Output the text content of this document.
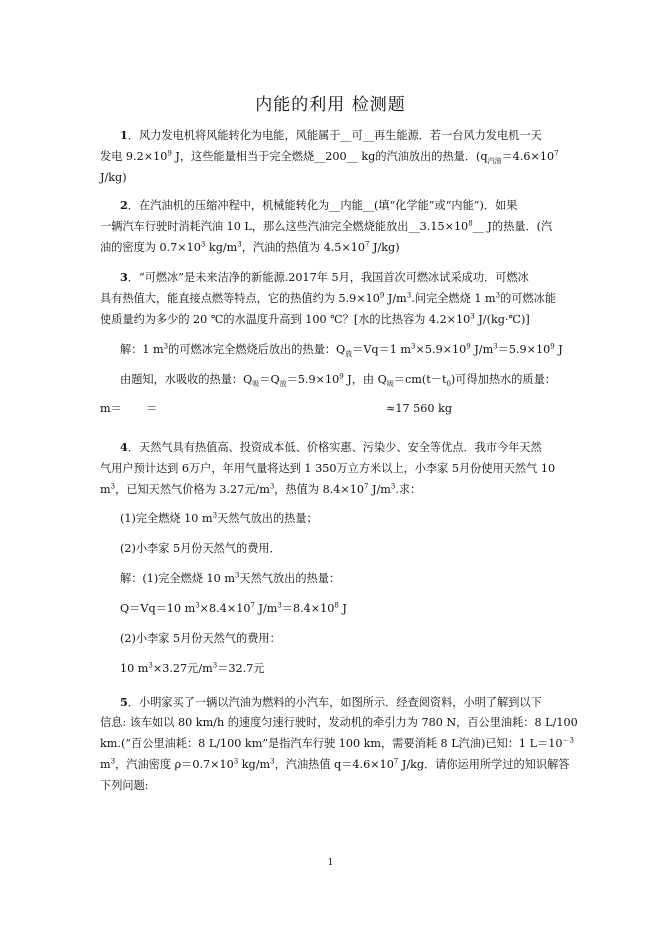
内能的利用 检测题
1．风力发电机将风能转化为电能，风能属于__可__再生能源．若一台风力发电机一天
发电 $9.2\times 10^9$ J，这些能量相当于完全燃烧__200__ kg的汽油放出的热量．($q_{汽油}=4.6\times 10^7$
J/kg)
2．在汽油机的压缩冲程中，机械能转化为__内能__(填“化学能”或“内能”)．如果
一辆汽车行驶时消耗汽油 10 L，那么这些汽油完全燃烧能放出$\_\_3.15\times 10^8\_\_$ J的热量．(汽
油的密度为 $0.7\times 10^3$ $kg/m^3$，汽油的热值为 $4.5\times 10^7$ J/kg)
3．“可燃冰”是未来洁净的新能源.2017年 5月，我国首次可燃冰试采成功．可燃冰
具有热值大，能直接点燃等特点，它的热值约为 $5.9\times 10^9$ $J/m^3$.问完全燃烧 1 $m^3$的可燃冰能
使质量约为多少的 20 ℃的水温度升高到 100 ℃？[水的比热容为 $4.2\times 10^3$ J/(kg·℃)]
解：1 $m^3$的可燃冰完全燃烧后放出的热量：$Q_放=Vq=1$ $m^3\times 5.9\times 10^9$ $J/m^3=5.9\times 10^9$ J
由题知，水吸收的热量：$Q_吸=Q_放=5.9\times 10^9$ J，由 $Q_吸=cm(t-t_0)$可得加热水的质量：
m＝ ＝	≈17 560 kg
4．天然气具有热值高、投资成本低、价格实惠、污染少、安全等优点．我市今年天然
气用户预计达到 6万户，年用气量将达到 1 350万立方米以上，小李家 5月份使用天然气 10
$m^3$，已知天然气价格为 3.27元$/m^3$，热值为 $8.4\times 10^7$ $J/m^3$.求：
(1)完全燃烧 10 $m^3$天然气放出的热量；
(2)小李家 5月份天然气的费用．
解：(1)完全燃烧 10 $m^3$天然气放出的热量：
Q＝Vq＝10 $m^3\times 8.4\times 10^7$ $J/m^3=8.4\times 10^8$ J
(2)小李家 5月份天然气的费用：
10 $m^3\times 3.27$元$/m^3=32.7$元
5．小明家买了一辆以汽油为燃料的小汽车，如图所示．经查阅资料，小明了解到以下
信息: 该车如以 80 km/h 的速度匀速行驶时，发动机的牵引力为 780 N，百公里油耗：8 L/100
km.(“百公里油耗：8 L/100 km”是指汽车行驶 100 km，需要消耗 8 L汽油)已知：1 $L=10^{-3}$
$m^3$，汽油密度 $\rho=0.7\times 10^3$ $kg/m^3$，汽油热值 $q=4.6\times 10^7$ J/kg．请你运用所学过的知识解答
下列问题:
1
